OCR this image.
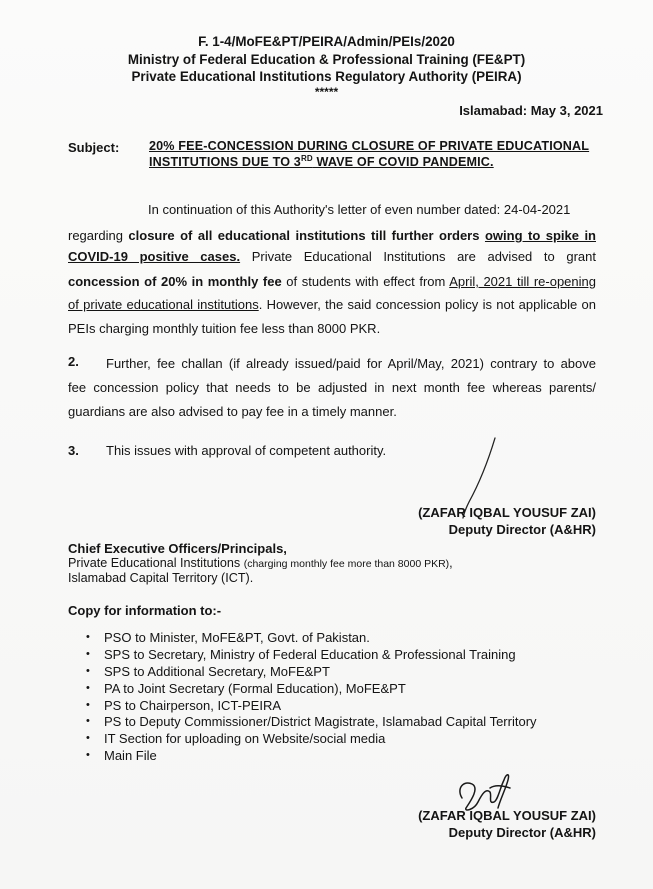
F. 1-4/MoFE&PT/PEIRA/Admin/PEIs/2020
Ministry of Federal Education & Professional Training (FE&PT)
Private Educational Institutions Regulatory Authority (PEIRA)
*****
Islamabad: May 3, 2021
Subject: 20% FEE-CONCESSION DURING CLOSURE OF PRIVATE EDUCATIONAL
INSTITUTIONS DUE TO 3RD WAVE OF COVID PANDEMIC.
In continuation of this Authority's letter of even number dated: 24-04-2021
regarding closure of all educational institutions till further orders owing to spike in
COVID-19 positive cases. Private Educational Institutions are advised to grant
concession of 20% in monthly fee of students with effect from April, 2021 till re-opening
of private educational institutions. However, the said concession policy is not applicable on
PEIs charging monthly tuition fee less than 8000 PKR.
2. Further, fee challan (if already issued/paid for April/May, 2021) contrary to above
fee concession policy that needs to be adjusted in next month fee whereas parents/
guardians are also advised to pay fee in a timely manner.
3. This issues with approval of competent authority.
(ZAFAR IQBAL YOUSUF ZAI)
Deputy Director (A&HR)
Chief Executive Officers/Principals,
Private Educational Institutions (charging monthly fee more than 8000 PKR),
Islamabad Capital Territory (ICT).
Copy for information to:-
• PSO to Minister, MoFE&PT, Govt. of Pakistan.
• SPS to Secretary, Ministry of Federal Education & Professional Training
• SPS to Additional Secretary, MoFE&PT
• PA to Joint Secretary (Formal Education), MoFE&PT
• PS to Chairperson, ICT-PEIRA
• PS to Deputy Commissioner/District Magistrate, Islamabad Capital Territory
• IT Section for uploading on Website/social media
• Main File
(ZAFAR IQBAL YOUSUF ZAI)
Deputy Director (A&HR)
